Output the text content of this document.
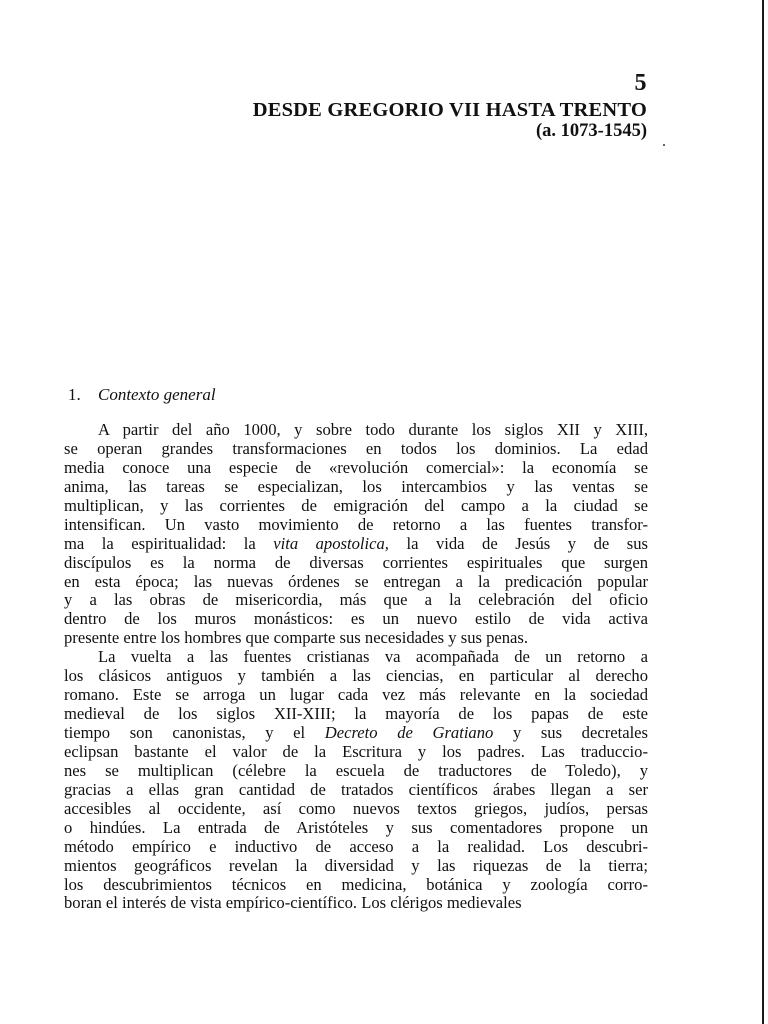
5
DESDE GREGORIO VII HASTA TRENTO
(a. 1073-1545)
1. Contexto general
A partir del año 1000, y sobre todo durante los siglos XII y XIII,
se operan grandes transformaciones en todos los dominios. La edad
media conoce una especie de «revolución comercial»: la economía se
anima, las tareas se especializan, los intercambios y las ventas se
multiplican, y las corrientes de emigración del campo a la ciudad se
intensifican. Un vasto movimiento de retorno a las fuentes transfor-
ma la espiritualidad: la vita apostolica, la vida de Jesús y de sus
discípulos es la norma de diversas corrientes espirituales que surgen
en esta época; las nuevas órdenes se entregan a la predicación popular
y a las obras de misericordia, más que a la celebración del oficio
dentro de los muros monásticos: es un nuevo estilo de vida activa
presente entre los hombres que comparte sus necesidades y sus penas.
La vuelta a las fuentes cristianas va acompañada de un retorno a
los clásicos antiguos y también a las ciencias, en particular al derecho
romano. Este se arroga un lugar cada vez más relevante en la sociedad
medieval de los siglos XII-XIII; la mayoría de los papas de este
tiempo son canonistas, y el Decreto de Gratiano y sus decretales
eclipsan bastante el valor de la Escritura y los padres. Las traduccio-
nes se multiplican (célebre la escuela de traductores de Toledo), y
gracias a ellas gran cantidad de tratados científicos árabes llegan a ser
accesibles al occidente, así como nuevos textos griegos, judíos, persas
o hindúes. La entrada de Aristóteles y sus comentadores propone un
método empírico e inductivo de acceso a la realidad. Los descubri-
mientos geográficos revelan la diversidad y las riquezas de la tierra;
los descubrimientos técnicos en medicina, botánica y zoología corro-
boran el interés de vista empírico-científico. Los clérigos medievales
